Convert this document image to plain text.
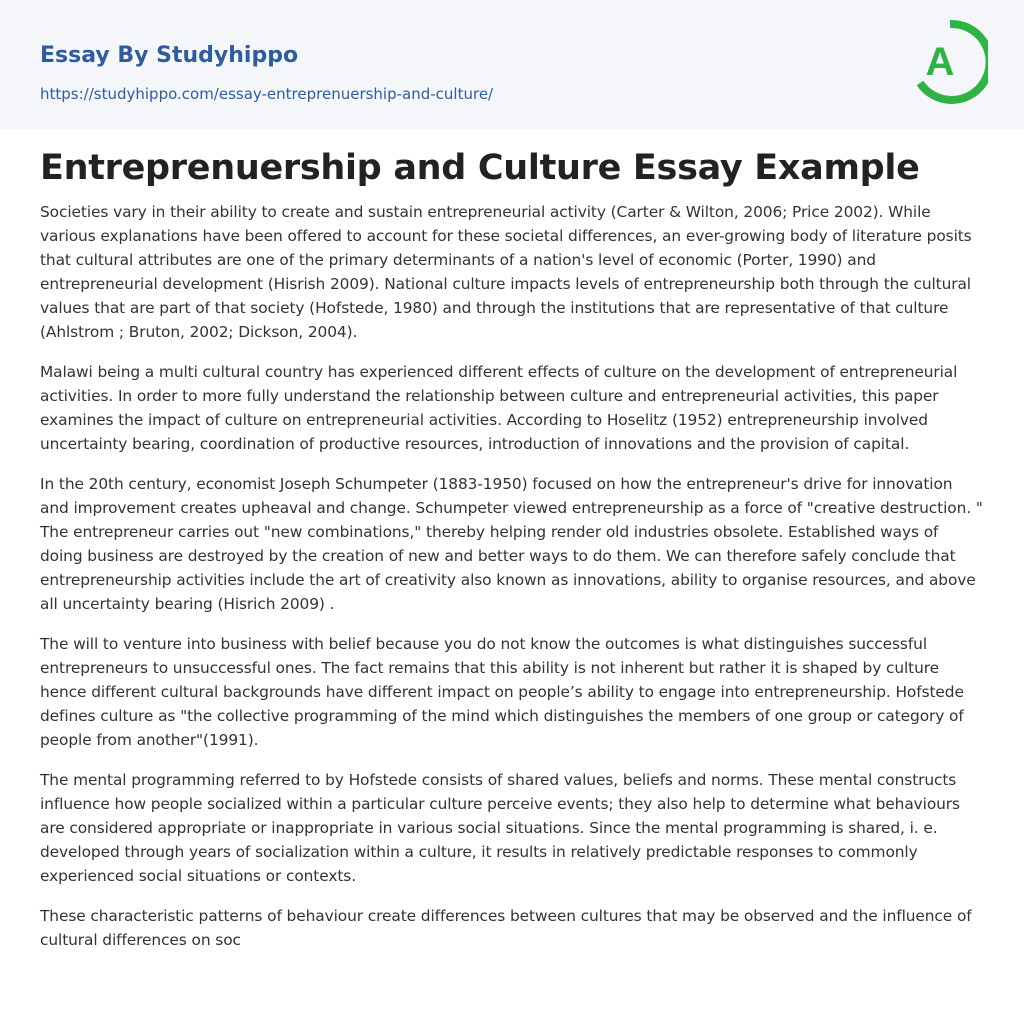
Essay By Studyhippo
https://studyhippo.com/essay-entreprenuership-and-culture/
A
Entreprenuership and Culture Essay Example

Societies vary in their ability to create and sustain entrepreneurial activity (Carter & Wilton, 2006; Price 2002). While various explanations have been offered to account for these societal differences, an ever-growing body of literature posits that cultural attributes are one of the primary determinants of a nation's level of economic (Porter, 1990) and entrepreneurial development (Hisrish 2009). National culture impacts levels of entrepreneurship both through the cultural values that are part of that society (Hofstede, 1980) and through the institutions that are representative of that culture (Ahlstrom ; Bruton, 2002; Dickson, 2004).

Malawi being a multi cultural country has experienced different effects of culture on the development of entrepreneurial activities. In order to more fully understand the relationship between culture and entrepreneurial activities, this paper examines the impact of culture on entrepreneurial activities. According to Hoselitz (1952) entrepreneurship involved uncertainty bearing, coordination of productive resources, introduction of innovations and the provision of capital.

In the 20th century, economist Joseph Schumpeter (1883-1950) focused on how the entrepreneur's drive for innovation and improvement creates upheaval and change. Schumpeter viewed entrepreneurship as a force of "creative destruction. " The entrepreneur carries out "new combinations," thereby helping render old industries obsolete. Established ways of doing business are destroyed by the creation of new and better ways to do them. We can therefore safely conclude that entrepreneurship activities include the art of creativity also known as innovations, ability to organise resources, and above all uncertainty bearing (Hisrich 2009) .

The will to venture into business with belief because you do not know the outcomes is what distinguishes successful entrepreneurs to unsuccessful ones. The fact remains that this ability is not inherent but rather it is shaped by culture hence different cultural backgrounds have different impact on people’s ability to engage into entrepreneurship. Hofstede defines culture as "the collective programming of the mind which distinguishes the members of one group or category of people from another"(1991).

The mental programming referred to by Hofstede consists of shared values, beliefs and norms. These mental constructs influence how people socialized within a particular culture perceive events; they also help to determine what behaviours are considered appropriate or inappropriate in various social situations. Since the mental programming is shared, i. e. developed through years of socialization within a culture, it results in relatively predictable responses to commonly experienced social situations or contexts.

These characteristic patterns of behaviour create differences between cultures that may be observed and the influence of cultural differences on soc
